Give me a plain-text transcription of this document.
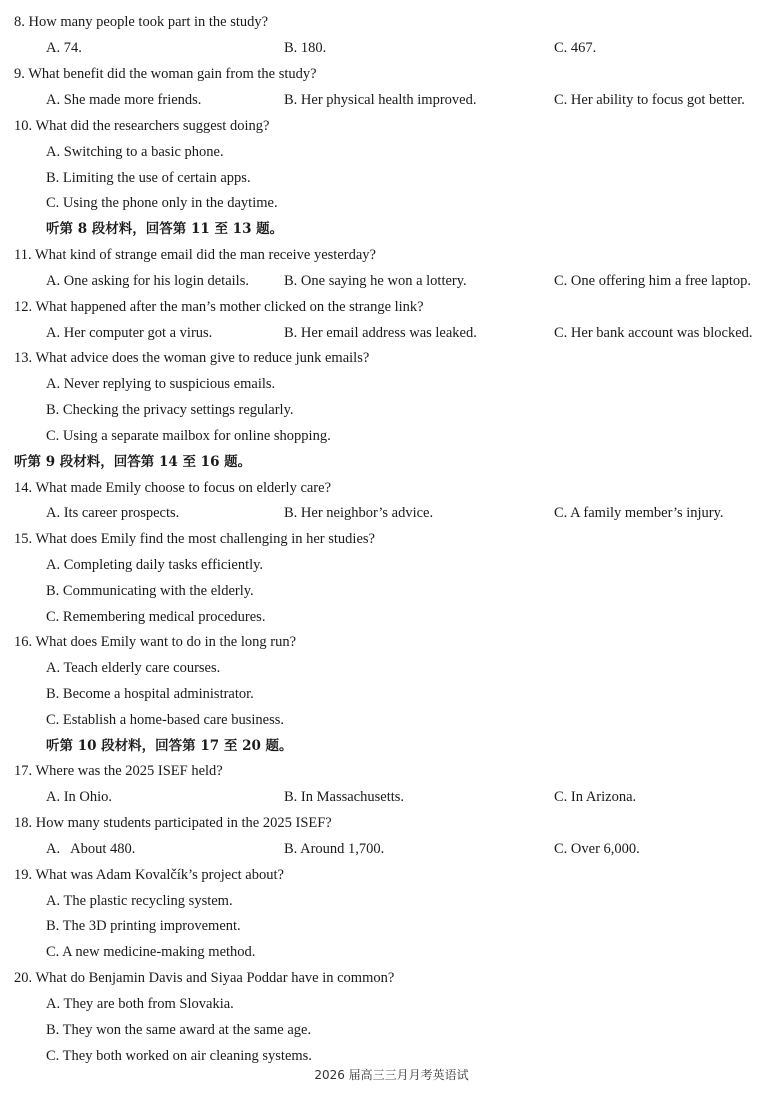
8. How many people took part in the study?
A. 74.	B. 180.	C. 467.
9. What benefit did the woman gain from the study?
A. She made more friends.	B. Her physical health improved.	C. Her ability to focus got better.
10. What did the researchers suggest doing?
A. Switching to a basic phone.
B. Limiting the use of certain apps.
C. Using the phone only in the daytime.
听第 8 段材料，回答第 11 至 13 题。
11. What kind of strange email did the man receive yesterday?
A. One asking for his login details. B. One saying he won a lottery.	C. One offering him a free laptop.
12. What happened after the man’s mother clicked on the strange link?
A. Her computer got a virus.	B. Her email address was leaked.	C. Her bank account was blocked.
13. What advice does the woman give to reduce junk emails?
A. Never replying to suspicious emails.
B. Checking the privacy settings regularly.
C. Using a separate mailbox for online shopping.
听第 9 段材料，回答第 14 至 16 题。
14. What made Emily choose to focus on elderly care?
A. Its career prospects.	B. Her neighbor’s advice.	C. A family member’s injury.
15. What does Emily find the most challenging in her studies?
A. Completing daily tasks efficiently.
B. Communicating with the elderly.
C. Remembering medical procedures.
16. What does Emily want to do in the long run?
A. Teach elderly care courses.
B. Become a hospital administrator.
C. Establish a home-based care business.
听第 10 段材料，回答第 17 至 20 题。
17. Where was the 2025 ISEF held?
A. In Ohio.	B. In Massachusetts.	C. In Arizona.
18. How many students participated in the 2025 ISEF?
A.   About 480.	B. Around 1,700.	C. Over 6,000.
19. What was Adam Kovalčík’s project about?
A. The plastic recycling system.
B. The 3D printing improvement.
C. A new medicine-making method.
20. What do Benjamin Davis and Siyaa Poddar have in common?
A. They are both from Slovakia.
B. They won the same award at the same age.
C. They both worked on air cleaning systems.
2026 届高三三月月考英语试
